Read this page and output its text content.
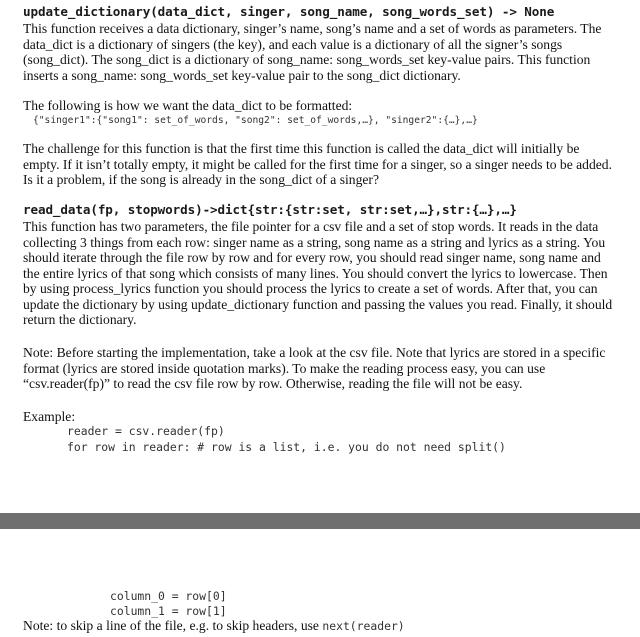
update_dictionary(data_dict, singer, song_name, song_words_set) -> None
This function receives a data dictionary, singer’s name, song’s name and a set of words as parameters. The data_dict is a dictionary of singers (the key), and each value is a dictionary of all the signer’s songs (song_dict). The song_dict is a dictionary of song_name: song_words_set key-value pairs. This function inserts a song_name: song_words_set key-value pair to the song_dict dictionary.
The following is how we want the data_dict to be formatted:
{"singer1":{"song1": set_of_words, "song2": set_of_words,…}, "singer2":{…},…}
The challenge for this function is that the first time this function is called the data_dict will initially be empty. If it isn’t totally empty, it might be called for the first time for a singer, so a singer needs to be added. Is it a problem, if the song is already in the song_dict of a singer?
read_data(fp, stopwords)->dict{str:{str:set, str:set,…},str:{…},…}
This function has two parameters, the file pointer for a csv file and a set of stop words. It reads in the data collecting 3 things from each row: singer name as a string, song name as a string and lyrics as a string. You should iterate through the file row by row and for every row, you should read singer name, song name and the entire lyrics of that song which consists of many lines. You should convert the lyrics to lowercase. Then by using process_lyrics function you should process the lyrics to create a set of words. After that, you can update the dictionary by using update_dictionary function and passing the values you read. Finally, it should return the dictionary.
Note: Before starting the implementation, take a look at the csv file. Note that lyrics are stored in a specific format (lyrics are stored inside quotation marks). To make the reading process easy, you can use “csv.reader(fp)” to read the csv file row by row. Otherwise, reading the file will not be easy.
Example:
reader = csv.reader(fp)
for row in reader: # row is a list, i.e. you do not need split()
column_0 = row[0]
column_1 = row[1]
Note: to skip a line of the file, e.g. to skip headers, use next(reader)
